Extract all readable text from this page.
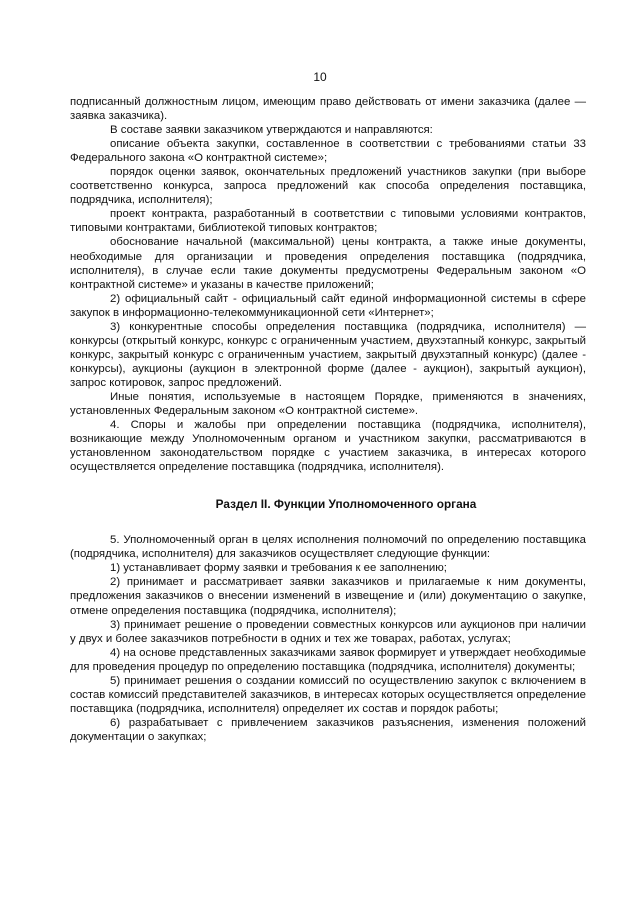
10

подписанный должностным лицом, имеющим право действовать от имени заказчика (далее — заявка заказчика).

В составе заявки заказчиком утверждаются и направляются:

описание объекта закупки, составленное в соответствии с требованиями статьи 33 Федерального закона «О контрактной системе»;

порядок оценки заявок, окончательных предложений участников закупки (при выборе соответственно конкурса, запроса предложений как способа определения поставщика, подрядчика, исполнителя);

проект контракта, разработанный в соответствии с типовыми условиями контрактов, типовыми контрактами, библиотекой типовых контрактов;

обоснование начальной (максимальной) цены контракта, а также иные документы, необходимые для организации и проведения определения поставщика (подрядчика, исполнителя), в случае если такие документы предусмотрены Федеральным законом «О контрактной системе» и указаны в качестве приложений;

2) официальный сайт - официальный сайт единой информационной системы в сфере закупок в информационно-телекоммуникационной сети «Интернет»;

3) конкурентные способы определения поставщика (подрядчика, исполнителя) — конкурсы (открытый конкурс, конкурс с ограниченным участием, двухэтапный конкурс, закрытый конкурс, закрытый конкурс с ограниченным участием, закрытый двухэтапный конкурс) (далее - конкурсы), аукционы (аукцион в электронной форме (далее - аукцион), закрытый аукцион), запрос котировок, запрос предложений.

Иные понятия, используемые в настоящем Порядке, применяются в значениях, установленных Федеральным законом «О контрактной системе».

4. Споры и жалобы при определении поставщика (подрядчика, исполнителя), возникающие между Уполномоченным органом и участником закупки, рассматриваются в установленном законодательством порядке с участием заказчика, в интересах которого осуществляется определение поставщика (подрядчика, исполнителя).

Раздел II. Функции Уполномоченного органа

5. Уполномоченный орган в целях исполнения полномочий по определению поставщика (подрядчика, исполнителя) для заказчиков осуществляет следующие функции:

1) устанавливает форму заявки и требования к ее заполнению;

2) принимает и рассматривает заявки заказчиков и прилагаемые к ним документы, предложения заказчиков о внесении изменений в извещение и (или) документацию о закупке, отмене определения поставщика (подрядчика, исполнителя);

3) принимает решение о проведении совместных конкурсов или аукционов при наличии у двух и более заказчиков потребности в одних и тех же товарах, работах, услугах;

4) на основе представленных заказчиками заявок формирует и утверждает необходимые для проведения процедур по определению поставщика (подрядчика, исполнителя) документы;

5) принимает решения о создании комиссий по осуществлению закупок с включением в состав комиссий представителей заказчиков, в интересах которых осуществляется определение поставщика (подрядчика, исполнителя) определяет их состав и порядок работы;

6) разрабатывает с привлечением заказчиков разъяснения, изменения положений документации о закупках;
